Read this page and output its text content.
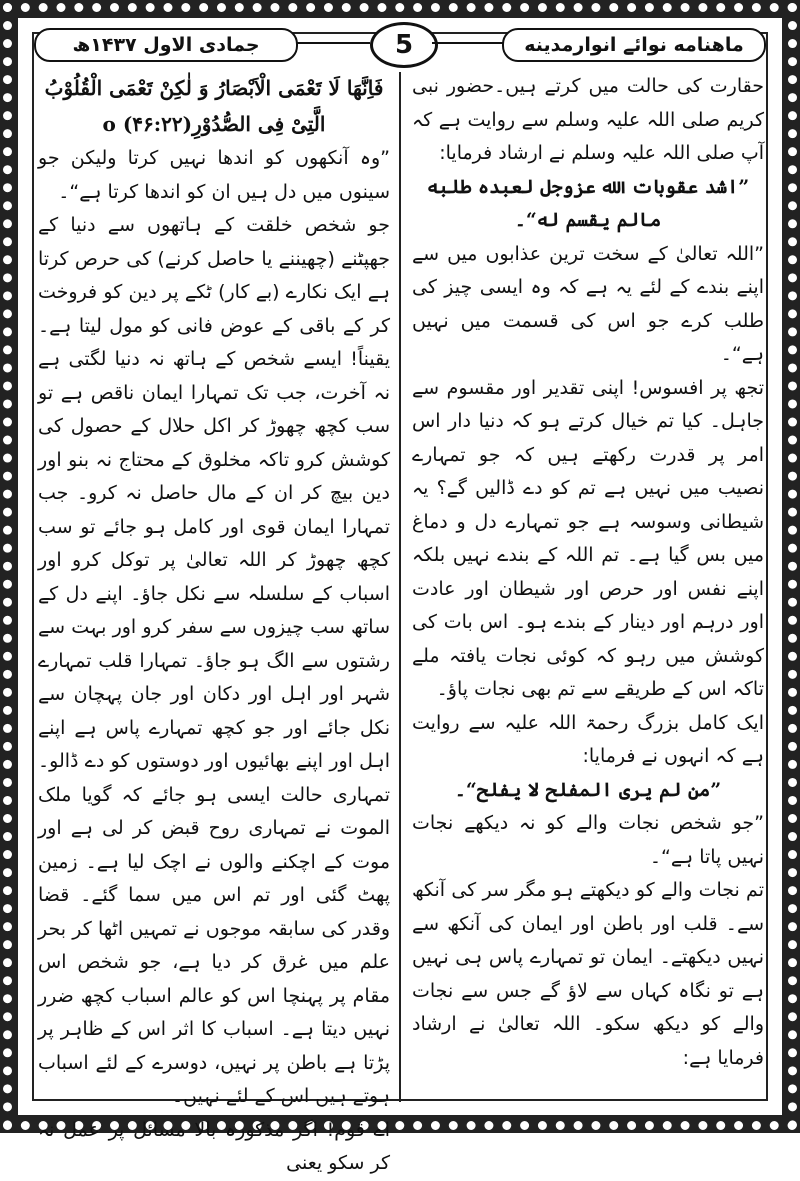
جمادی الاول ۱۴۳۷ھ	5	ماهنامه نوائے انوارمدینه

حقارت کی حالت میں کرتے ہیں۔حضور نبی کریم صلی اللہ علیہ وسلم سے روایت ہے کہ آپ صلی اللہ علیہ وسلم نے ارشاد فرمایا:

”اشد عقوبات الله عزوجل لعبده طلبه مالم يقسم له“۔

”اللہ تعالیٰ کے سخت ترین عذابوں میں سے اپنے بندے کے لئے یہ ہے کہ وہ ایسی چیز کی طلب کرے جو اس کی قسمت میں نہیں ہے“۔

تجھ پر افسوس! اپنی تقدیر اور مقسوم سے جاہل۔ کیا تم خیال کرتے ہو کہ دنیا دار اس امر پر قدرت رکھتے ہیں کہ جو تمہارے نصیب میں نہیں ہے تم کو دے ڈالیں گے؟ یہ شیطانی وسوسہ ہے جو تمہارے دل و دماغ میں بس گیا ہے۔ تم اللہ کے بندے نہیں بلکہ اپنے نفس اور حرص اور شیطان اور عادت اور درہم اور دینار کے بندے ہو۔ اس بات کی کوشش میں رہو کہ کوئی نجات یافتہ ملے تاکہ اس کے طریقے سے تم بھی نجات پاؤ۔

ایک کامل بزرگ رحمۃ اللہ علیہ سے روایت ہے کہ انہوں نے فرمایا:

”من لم يرى المفلح لا يفلح“۔

”جو شخص نجات والے کو نہ دیکھے نجات نہیں پاتا ہے“۔

تم نجات والے کو دیکھتے ہو مگر سر کی آنکھ سے۔ قلب اور باطن اور ایمان کی آنکھ سے نہیں دیکھتے۔ ایمان تو تمہارے پاس ہی نہیں ہے تو نگاہ کہاں سے لاؤ گے جس سے نجات والے کو دیکھ سکو۔ اللہ تعالیٰ نے ارشاد فرمایا ہے:

فَاِنَّھَا لَا تَعْمَی الْاَبْصَارُ وَ لٰکِنْ تَعْمَی الْقُلُوْبُ الَّتِیْ فِی الصُّدُوْرِo (۴۶:۲۲)

”وہ آنکھوں کو اندھا نہیں کرتا ولیکن جو سینوں میں دل ہیں ان کو اندھا کرتا ہے“۔

جو شخص خلقت کے ہاتھوں سے دنیا کے جھپٹنے (چھیننے یا حاصل کرنے) کی حرص کرتا ہے ایک نکارے (بے کار) ٹکے پر دین کو فروخت کر کے باقی کے عوض فانی کو مول لیتا ہے۔ یقیناً! ایسے شخص کے ہاتھ نہ دنیا لگتی ہے نہ آخرت، جب تک تمہارا ایمان ناقص ہے تو سب کچھ چھوڑ کر اکل حلال کے حصول کی کوشش کرو تاکہ مخلوق کے محتاج نہ بنو اور دین بیچ کر ان کے مال حاصل نہ کرو۔ جب تمہارا ایمان قوی اور کامل ہو جائے تو سب کچھ چھوڑ کر اللہ تعالیٰ پر توکل کرو اور اسباب کے سلسلہ سے نکل جاؤ۔ اپنے دل کے ساتھ سب چیزوں سے سفر کرو اور بہت سے رشتوں سے الگ ہو جاؤ۔ تمہارا قلب تمہارے شہر اور اہل اور دکان اور جان پہچان سے نکل جائے اور جو کچھ تمہارے پاس ہے اپنے اہل اور اپنے بھائیوں اور دوستوں کو دے ڈالو۔ تمہاری حالت ایسی ہو جائے کہ گویا ملک الموت نے تمہاری روح قبض کر لی ہے اور موت کے اچکنے والوں نے اچک لیا ہے۔ زمین پھٹ گئی اور تم اس میں سما گئے۔ قضا وقدر کی سابقہ موجوں نے تمہیں اٹھا کر بحر علم میں غرق کر دیا ہے، جو شخص اس مقام پر پہنچا اس کو عالم اسباب کچھ ضرر نہیں دیتا ہے۔ اسباب کا اثر اس کے ظاہر پر پڑتا ہے باطن پر نہیں، دوسرے کے لئے اسباب ہوتے ہیں اس کے لئے نہیں۔

اے قوم! اگر مذکورہ بالا مسائل پر عمل نہ کر سکو یعنی
